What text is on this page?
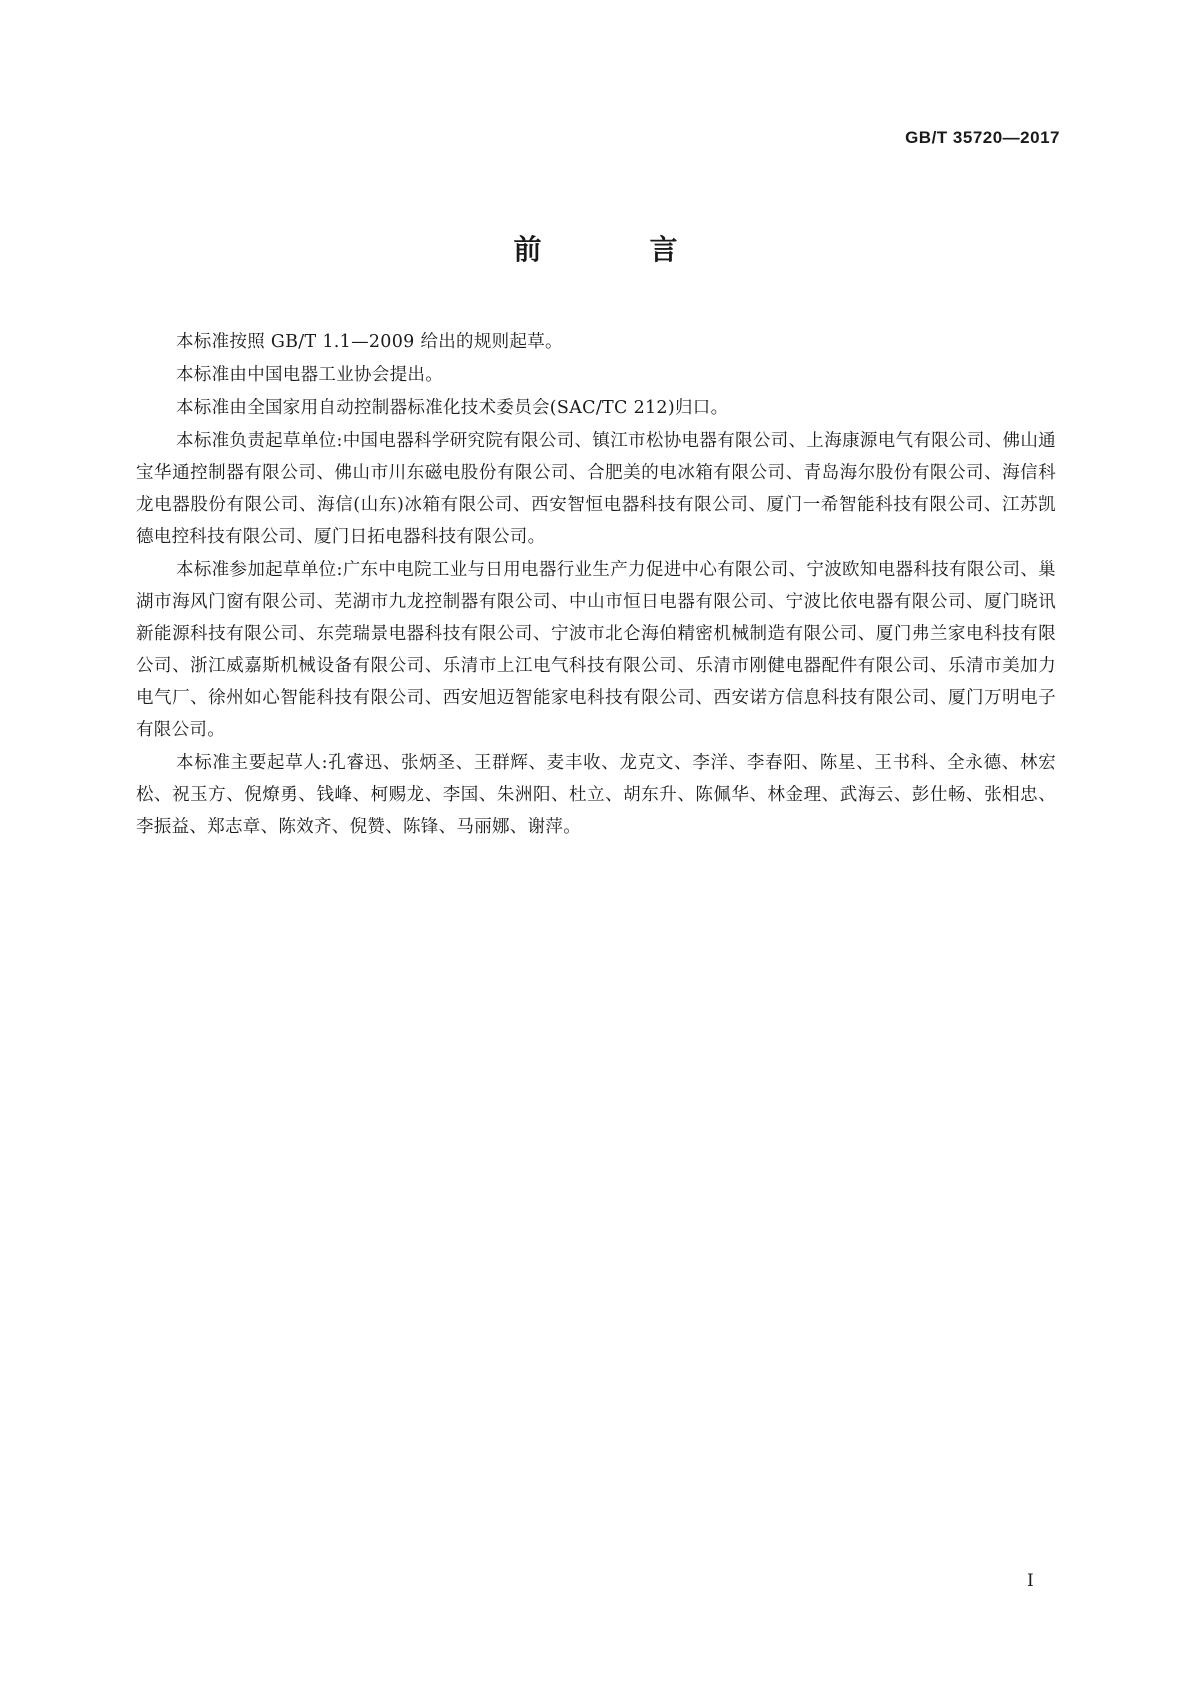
GB/T 35720—2017
前　言

本标准按照 GB/T 1.1—2009 给出的规则起草。

本标准由中国电器工业协会提出。

本标准由全国家用自动控制器标准化技术委员会(SAC/TC 212)归口。

本标准负责起草单位:中国电器科学研究院有限公司、镇江市松协电器有限公司、上海康源电气有限公司、佛山通宝华通控制器有限公司、佛山市川东磁电股份有限公司、合肥美的电冰箱有限公司、青岛海尔股份有限公司、海信科龙电器股份有限公司、海信(山东)冰箱有限公司、西安智恒电器科技有限公司、厦门一希智能科技有限公司、江苏凯德电控科技有限公司、厦门日拓电器科技有限公司。

本标准参加起草单位:广东中电院工业与日用电器行业生产力促进中心有限公司、宁波欧知电器科技有限公司、巢湖市海风门窗有限公司、芜湖市九龙控制器有限公司、中山市恒日电器有限公司、宁波比依电器有限公司、厦门晓讯新能源科技有限公司、东莞瑞景电器科技有限公司、宁波市北仑海伯精密机械制造有限公司、厦门弗兰家电科技有限公司、浙江威嘉斯机械设备有限公司、乐清市上江电气科技有限公司、乐清市刚健电器配件有限公司、乐清市美加力电气厂、徐州如心智能科技有限公司、西安旭迈智能家电科技有限公司、西安诺方信息科技有限公司、厦门万明电子有限公司。

本标准主要起草人:孔睿迅、张炳圣、王群辉、麦丰收、龙克文、李洋、李春阳、陈星、王书科、全永德、林宏松、祝玉方、倪燎勇、钱峰、柯赐龙、李国、朱洲阳、杜立、胡东升、陈佩华、林金理、武海云、彭仕畅、张相忠、李振益、郑志章、陈效齐、倪赞、陈锋、马丽娜、谢萍。

I
